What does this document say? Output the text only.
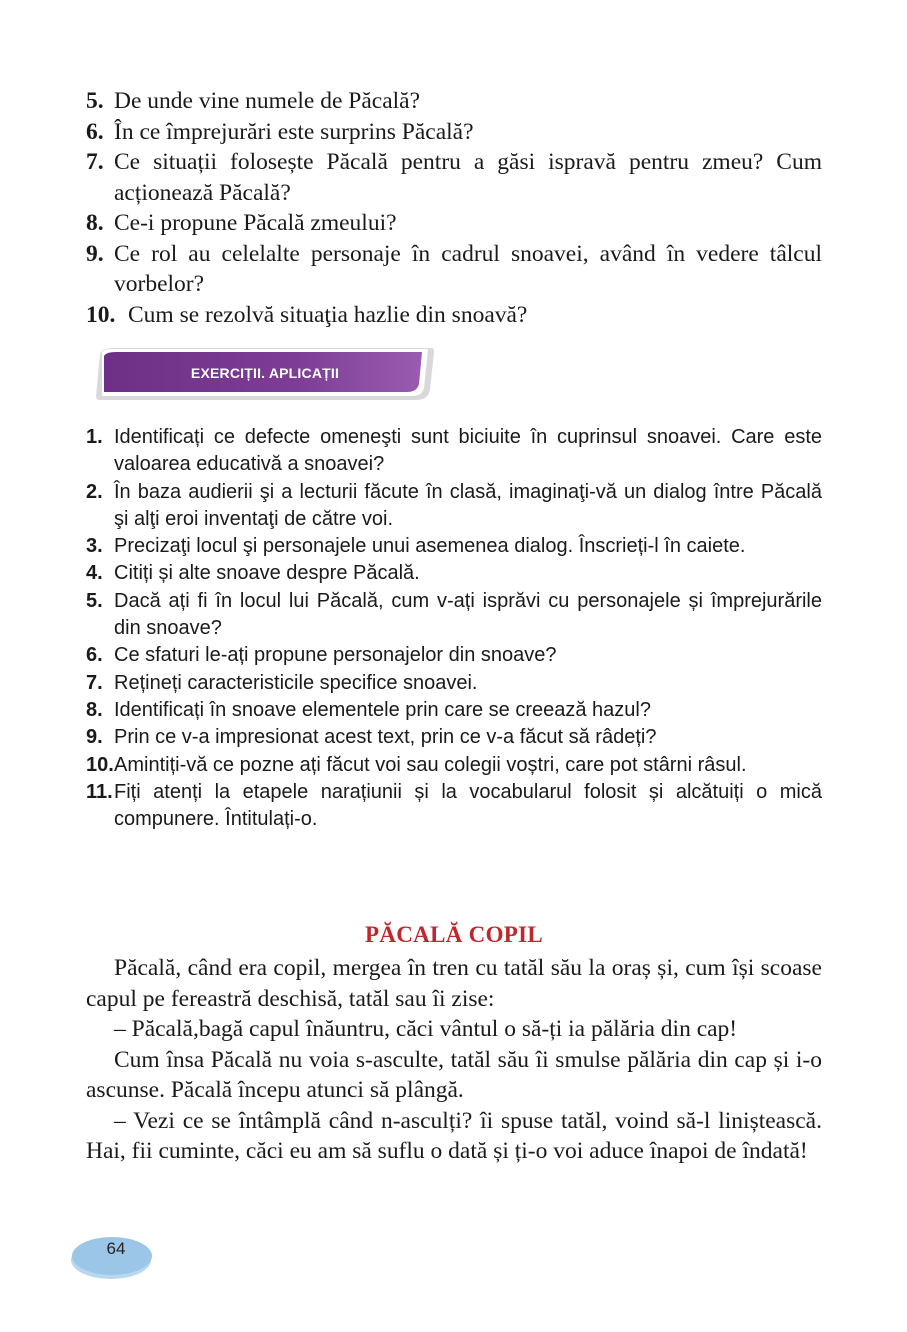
5. De unde vine numele de Păcală?
6. În ce împrejurări este surprins Păcală?
7. Ce situații folosește Păcală pentru a găsi ispravă pentru zmeu? Cum acționează Păcală?
8. Ce-i propune Păcală zmeului?
9. Ce rol au celelalte personaje în cadrul snoavei, având în vedere tâlcul vorbelor?
10. Cum se rezolvă situaţia hazlie din snoavă?
EXERCIȚII. APLICAȚII
1. Identificați ce defecte omeneşti sunt biciuite în cuprinsul snoavei. Care este valoarea educativă a snoavei?
2. În baza audierii şi a lecturii făcute în clasă, imaginaţi-vă un dialog între Păcală şi alţi eroi inventaţi de către voi.
3. Precizaţi locul şi personajele unui asemenea dialog. Înscrieți-l în caiete.
4. Citiți și alte snoave despre Păcală.
5. Dacă ați fi în locul lui Păcală, cum v-ați isprăvi cu personajele și împrejurările din snoave?
6. Ce sfaturi le-ați propune personajelor din snoave?
7. Rețineți caracteristicile specifice snoavei.
8. Identificați în snoave elementele prin care se creează hazul?
9. Prin ce v-a impresionat acest text, prin ce v-a făcut să râdeți?
10. Amintiți-vă ce pozne ați făcut voi sau colegii voștri, care pot stârni râsul.
11. Fiți atenți la etapele narațiunii și la vocabularul folosit și alcătuiți o mică compunere. Întitulați-o.
PĂCALĂ COPIL

Păcală, când era copil, mergea în tren cu tatăl său la oraș și, cum își scoase capul pe fereastră deschisă, tatăl sau îi zise:

– Păcală,bagă capul înăuntru, căci vântul o să-ți ia pălăria din cap!

Cum însa Păcală nu voia s-asculte, tatăl său îi smulse pălăria din cap și i-o ascunse. Păcală începu atunci să plângă.

– Vezi ce se întâmplă când n-asculți? îi spuse tatăl, voind să-l liniștească. Hai, fii cuminte, căci eu am să suflu o dată și ți-o voi aduce înapoi de îndată!

64
